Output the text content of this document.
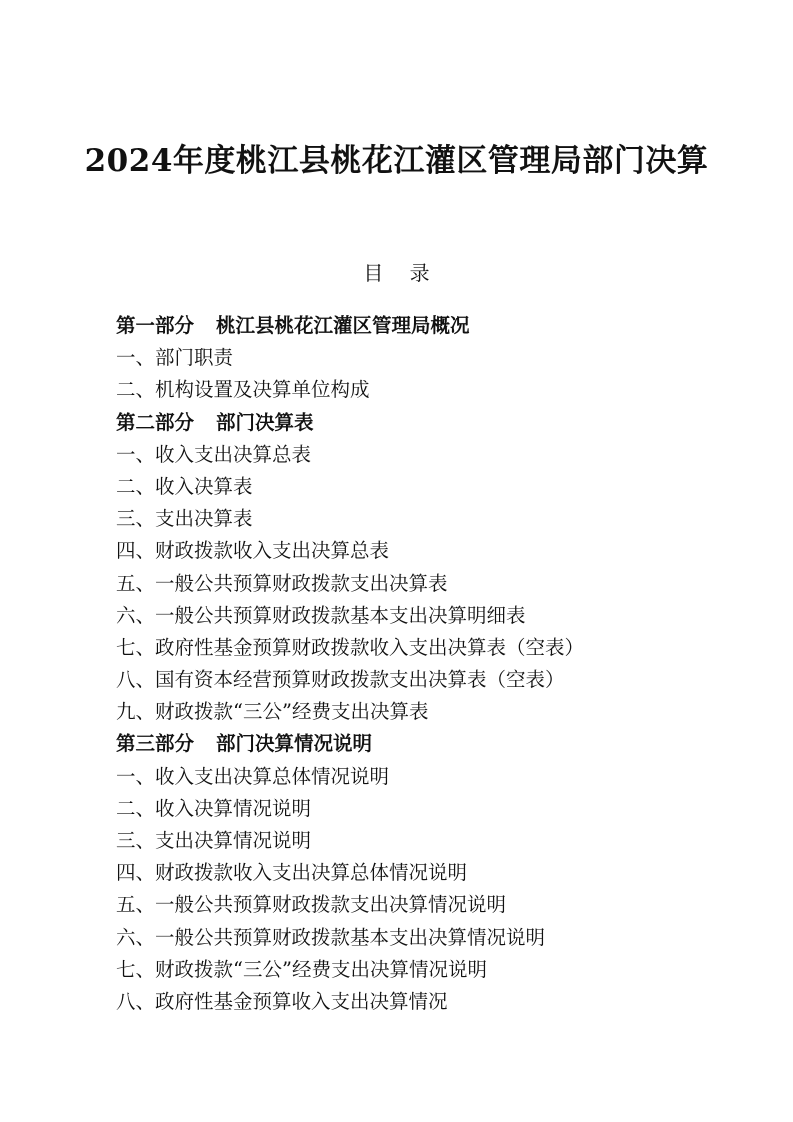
2024年度桃江县桃花江灌区管理局部门决算
目 录
第一部分 桃江县桃花江灌区管理局概况
一、部门职责
二、机构设置及决算单位构成
第二部分 部门决算表
一、收入支出决算总表
二、收入决算表
三、支出决算表
四、财政拨款收入支出决算总表
五、一般公共预算财政拨款支出决算表
六、一般公共预算财政拨款基本支出决算明细表
七、政府性基金预算财政拨款收入支出决算表（空表）
八、国有资本经营预算财政拨款支出决算表（空表）
九、财政拨款“三公”经费支出决算表
第三部分 部门决算情况说明
一、收入支出决算总体情况说明
二、收入决算情况说明
三、支出决算情况说明
四、财政拨款收入支出决算总体情况说明
五、一般公共预算财政拨款支出决算情况说明
六、一般公共预算财政拨款基本支出决算情况说明
七、财政拨款“三公”经费支出决算情况说明
八、政府性基金预算收入支出决算情况
